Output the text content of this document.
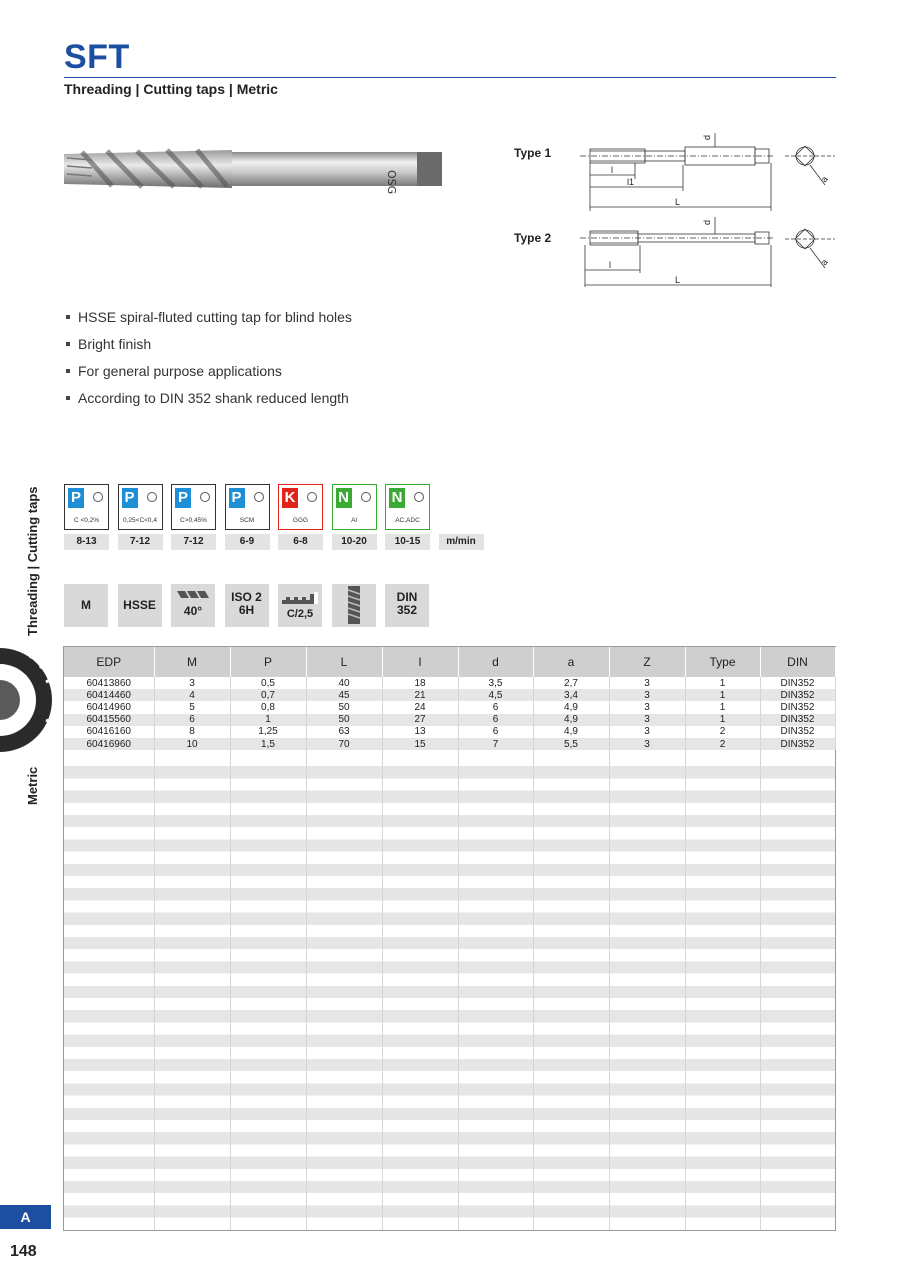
SFT
Threading | Cutting taps | Metric
OSG
Type 1
Type 2
d
l
l1
L
a
d
l
L
a
HSSE spiral-fluted cutting tap for blind holes
Bright finish
For general purpose applications
According to DIN 352 shank reduced length
Threading | Cutting taps
Metric
P
C <0,2%
8-13
P
0,25<C<0,4
7-12
P
C>0,45%
7-12
P
SCM
6-9
K
GGG
6-8
N
Al
10-20
N
AC,ADC
10-15	m/min
M	HSSE	40°
ISO 2
6H	C/2,5
DIN
352
EDP	M	P	L	l	d	a	Z	Type	DIN
60413860	3	0,5	40	18	3,5	2,7	3	1	DIN352
60414460	4	0,7	45	21	4,5	3,4	3	1	DIN352
60414960	5	0,8	50	24	6	4,9	3	1	DIN352
60415560	6	1	50	27	6	4,9	3	1	DIN352
60416160	8	1,25	63	13	6	4,9	3	2	DIN352
60416960	10	1,5	70	15	7	5,5	3	2	DIN352
A
148
